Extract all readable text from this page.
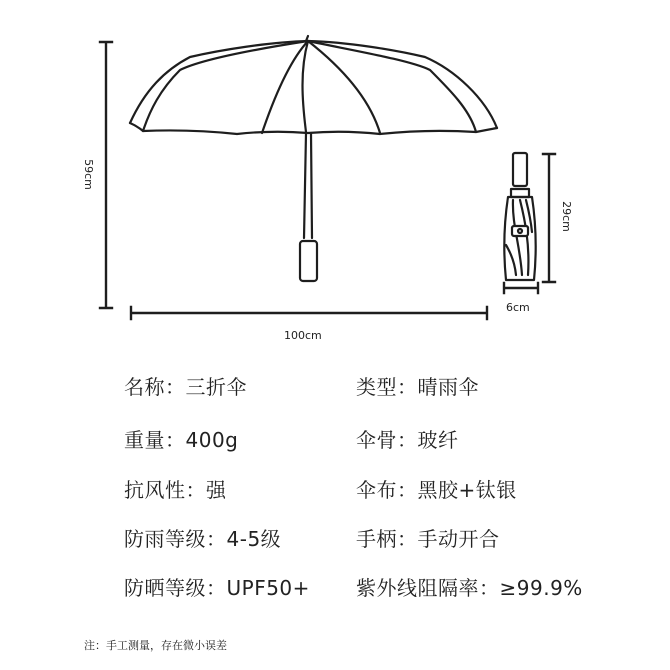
59cm
100cm
29cm
6cm
名称：三折伞
重量：400g
抗风性：强
防雨等级：4-5级
防晒等级：UPF50+
类型：晴雨伞
伞骨：玻纤
伞布：黑胶+钛银
手柄：手动开合
紫外线阻隔率：≥99.9%
注：手工测量，存在微小误差
